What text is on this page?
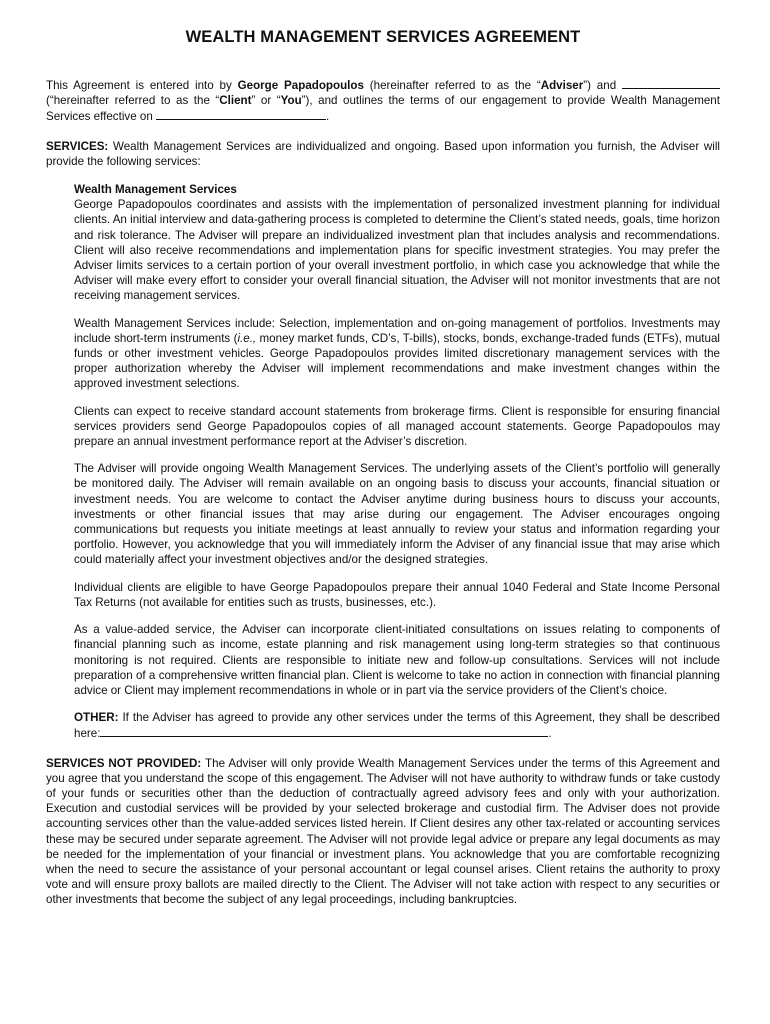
WEALTH MANAGEMENT SERVICES AGREEMENT

This Agreement is entered into by George Papadopoulos (hereinafter referred to as the “Adviser”) and  (“hereinafter referred to as the “Client” or “You”), and outlines the terms of our engagement to provide Wealth Management Services effective on	.

SERVICES: Wealth Management Services are individualized and ongoing. Based upon information you furnish, the Adviser will provide the following services:

Wealth Management Services
George Papadopoulos coordinates and assists with the implementation of personalized investment planning for individual clients. An initial interview and data-gathering process is completed to determine the Client’s stated needs, goals, time horizon and risk tolerance. The Adviser will prepare an individualized investment plan that includes analysis and recommendations. Client will also receive recommendations and implementation plans for specific investment strategies. You may prefer the Adviser limits services to a certain portion of your overall investment portfolio, in which case you acknowledge that while the Adviser will make every effort to consider your overall financial situation, the Adviser will not monitor investments that are not receiving management services.

Wealth Management Services include: Selection, implementation and on-going management of portfolios. Investments may include short-term instruments (i.e., money market funds, CD’s, T-bills), stocks, bonds, exchange-traded funds (ETFs), mutual funds or other investment vehicles. George Papadopoulos provides limited discretionary management services with the proper authorization whereby the Adviser will implement recommendations and make investment changes within the approved investment selections.

Clients can expect to receive standard account statements from brokerage firms. Client is responsible for ensuring financial services providers send George Papadopoulos copies of all managed account statements. George Papadopoulos may prepare an annual investment performance report at the Adviser’s discretion.

The Adviser will provide ongoing Wealth Management Services. The underlying assets of the Client’s portfolio will generally be monitored daily. The Adviser will remain available on an ongoing basis to discuss your accounts, financial situation or investment needs. You are welcome to contact the Adviser anytime during business hours to discuss your accounts, investments or other financial issues that may arise during our engagement. The Adviser encourages ongoing communications but requests you initiate meetings at least annually to review your status and information regarding your portfolio. However, you acknowledge that you will immediately inform the Adviser of any financial issue that may arise which could materially affect your investment objectives and/or the designed strategies.

Individual clients are eligible to have George Papadopoulos prepare their annual 1040 Federal and State Income Personal Tax Returns (not available for entities such as trusts, businesses, etc.).

As a value-added service, the Adviser can incorporate client-initiated consultations on issues relating to components of financial planning such as income, estate planning and risk management using long-term strategies so that continuous monitoring is not required. Clients are responsible to initiate new and follow-up consultations. Services will not include preparation of a comprehensive written financial plan. Client is welcome to take no action in connection with financial planning advice or Client may implement recommendations in whole or in part via the service providers of the Client’s choice.

OTHER: If the Adviser has agreed to provide any other services under the terms of this Agreement, they shall be described here:	.

SERVICES NOT PROVIDED: The Adviser will only provide Wealth Management Services under the terms of this Agreement and you agree that you understand the scope of this engagement. The Adviser will not have authority to withdraw funds or take custody of your funds or securities other than the deduction of contractually agreed advisory fees and only with your authorization. Execution and custodial services will be provided by your selected brokerage and custodial firm. The Adviser does not provide accounting services other than the value-added services listed herein. If Client desires any other tax-related or accounting services these may be secured under separate agreement. The Adviser will not provide legal advice or prepare any legal documents as may be needed for the implementation of your financial or investment plans. You acknowledge that you are comfortable recognizing when the need to secure the assistance of your personal accountant or legal counsel arises. Client retains the authority to proxy vote and will ensure proxy ballots are mailed directly to the Client. The Adviser will not take action with respect to any securities or other investments that become the subject of any legal proceedings, including bankruptcies.
